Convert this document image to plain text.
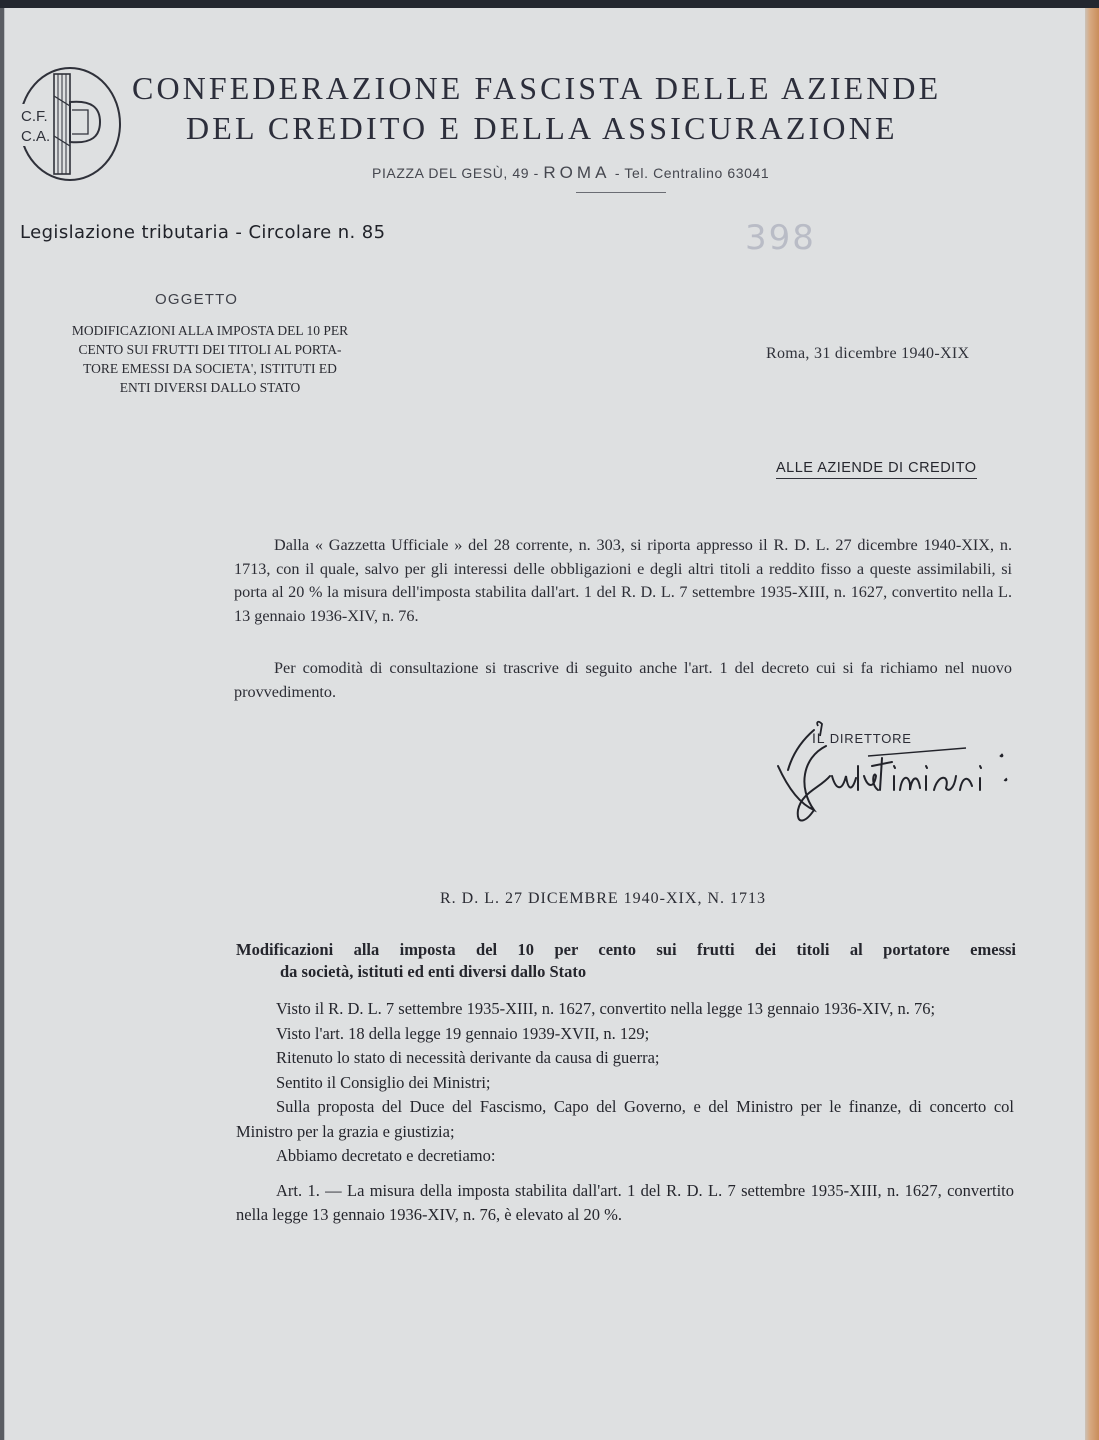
C.F.
C.A.
CONFEDERAZIONE FASCISTA DELLE AZIENDE
DEL CREDITO E DELLA ASSICURAZIONE
PIAZZA DEL GESÙ, 49 - ROMA - Tel. Centralino 63041
Legislazione tributaria - Circolare n. 85	398
OGGETTO
MODIFICAZIONI ALLA IMPOSTA DEL 10 PER
CENTO SUI FRUTTI DEI TITOLI AL PORTA-
TORE EMESSI DA SOCIETA', ISTITUTI ED
ENTI DIVERSI DALLO STATO
Roma, 31 dicembre 1940-XIX
ALLE AZIENDE DI CREDITO

Dalla « Gazzetta Ufficiale » del 28 corrente, n. 303, si riporta appresso il R. D. L. 27 dicembre 1940-XIX, n. 1713, con il quale, salvo per gli interessi delle obbligazioni e degli altri titoli a reddito fisso a queste assimilabili, si porta al 20 % la misura dell'imposta stabilita dall'art. 1 del R. D. L. 7 settembre 1935-XIII, n. 1627, convertito nella L. 13 gennaio 1936-XIV, n. 76.

Per comodità di consultazione si trascrive di seguito anche l'art. 1 del decreto cui si fa richiamo nel nuovo provvedimento.

IL DIRETTORE
R. D. L. 27 DICEMBRE 1940-XIX, N. 1713
Modificazioni alla imposta del 10 per cento sui frutti dei titoli al portatore emessi
da società, istituti ed enti diversi dallo Stato

Visto il R. D. L. 7 settembre 1935-XIII, n. 1627, convertito nella legge 13 gennaio 1936-XIV, n. 76;

Visto l'art. 18 della legge 19 gennaio 1939-XVII, n. 129;

Ritenuto lo stato di necessità derivante da causa di guerra;

Sentito il Consiglio dei Ministri;

Sulla proposta del Duce del Fascismo, Capo del Governo, e del Ministro per le finanze, di concerto col Ministro per la grazia e giustizia;

Abbiamo decretato e decretiamo:

Art. 1. — La misura della imposta stabilita dall'art. 1 del R. D. L. 7 settembre 1935-XIII, n. 1627, convertito nella legge 13 gennaio 1936-XIV, n. 76, è elevato al 20 %.
